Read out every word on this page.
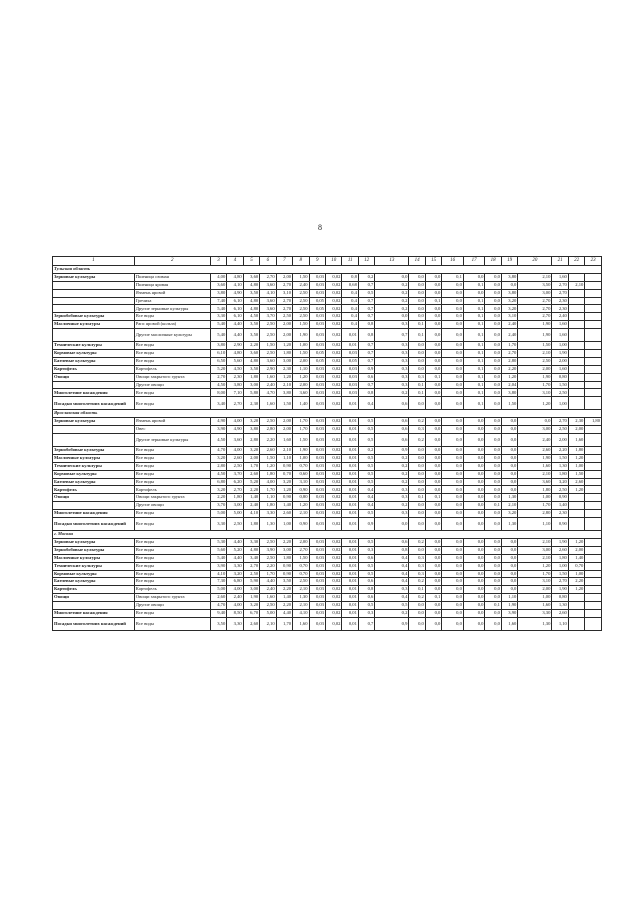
8
1	2	3	4	5	6	7	8	9	10	11	12	13	14	15	16	17	18	19	20	21	22	23
Тульская область																						
Зерновые культуры	Пшеница озимая	4,00	4,80	3,60	2,70	2,00	1,50	0,03	0,02	0,8	0,2	0,0	0,0	0,0	0,1	0,0	0,0	3,80	2,10	1,60		
	Пшеница яровая	3,60	4,10	4,80	3,60	2,70	2,40	0,03	0,02	0,68	0,7	0,2	0,0	0,0	0,0	0,1	0,0	0,0	3,50	2,70	2,10	
	Ячмень яровой	3,80	4,90	3,50	4,10	3,10	2,50	0,03	0,02	0,4	0,5	0,2	0,0	0,0	0,0	0,0	0,0	3,80	3,00	2,70		
	Гречиха	7,40	6,10	4,80	3,60	2,70	2,50	0,05	0,02	0,4	0,7	0,2	0,0	0,1	0,0	0,1	0,0	3,20	2,70	2,30		
	Другие зерновые культуры	5,40	6,10	4,80	3,60	2,70	2,50	0,05	0,02	0,4	0,7	0,2	0,0	0,0	0,0	0,1	0,0	3,20	2,70	2,30		
Зернобобовые культуры	Все виды	3,30	6,10	4,50	3,70	2,50	2,50	0,03	0,02	0,4	0,7	0,0	0,0	0,0	0,0	0,1	0,0	3,10	2,70	2,40		
Масличные культуры	Рапс яровой (кольза)	5,40	4,40	3,50	2,50	2,00	1,50	0,03	0,02	0,4	0,8	0,3	0,1	0,0	0,0	0,1	0,0	2,40	1,90	1,60		
	Другие масличные культуры	5,40	4,40	3,50	2,50	2,00	1,90	0,03	0,02	0,01	0,8	0,7	0,1	0,0	0,0	0,1	0,0	2,40	1,90	1,60		
Технические культуры	Все виды	3,80	2,90	2,20	1,50	1,20	1,00	0,03	0,02	0,01	0,7	0,3	0,0	0,0	0,0	0,1	0,0	1,70	1,50	1,00		
Кормовые культуры	Все виды	6,10	4,80	3,60	2,50	1,80	1,50	0,05	0,02	0,03	0,7	0,3	0,0	0,0	0,0	0,1	0,0	2,70	2,10	1,90		
Бахчевые культуры	Все виды	6,50	5,60	4,80	3,60	3,00	2,00	0,05	0,02	0,05	0,7	0,3	0,0	0,0	0,0	0,1	0,0	2,80	2,50	2,00		
Картофель	Картофель	5,20	4,50	3,50	2,90	2,30	1,10	0,03	0,02	0,03	0,9	0,3	0,0	0,0	0,0	0,1	0,0	2,20	2,00	1,60		
Овощи	Овощи закрытого грунта	2,70	2,30	1,80	1,60	1,20	1,20	0,03	0,02	0,03	0,6	0,3	0,3	0,1	0,0	0,1	0,0	1,20	1,90	0,80		
	Другие овощи	4,50	3,80	3,00	2,40	2,10	2,00	0,03	0,02	0,03	0,7	0,3	0,1	0,0	0,0	0,1	0,0	2,04	1,70	1,50		
Многолетние насаждения	Все виды	8,00	7,10	5,80	4,70	3,80	3,60	0,03	0,02	0,03	0,8	0,2	0,1	0,0	0,0	0,1	0,0	3,80	3,10	2,50		
Посадки многолетних насаждений	Все виды	3,40	2,70	2,30	1,60	1,50	1,40	0,03	0,02	0,01	0,4	0,6	0,0	0,0	0,0	0,1	0,0	1,50	1,20	1,00		
Ярославская область																						
Зерновые культуры	Ячмень яровой	4,90	4,00	3,20	2,50	2,00	1,70	0,03	0,02	0,01	0,5	0,6	0,2	0,0	0,0	0,0	0,0	0,0	0,0	2,70	2,30	1,80
	Овес	3,90	4,90	3,80	2,80	2,00	1,70	0,03	0,02	0,01	0,5	0,6	0,3	0,0	0,0	0,0	0,0	0,0	3,00	2,50	2,00	
	Другие зерновые культуры	4,50	3,60	2,80	2,20	1,60	1,50	0,03	0,02	0,01	0,5	0,6	0,2	0,0	0,0	0,0	0,0	0,0	2,40	2,00	1,60	
Зернобобовые культуры	Все виды	4,70	4,00	3,20	2,60	2,10	1,90	0,03	0,02	0,01	0,2	0,9	0,0	0,0	0,0	0,0	0,0	0,0	2,60	2,20	1,80	
Масличные культуры	Все виды	3,20	2,60	2,00	1,50	1,10	1,00	0,03	0,02	0,01	0,5	0,2	0,0	0,0	0,0	0,0	0,0	0,0	1,90	1,50	1,20	
Технические культуры	Все виды	2,80	2,50	1,70	1,20	0,90	0,70	0,03	0,02	0,01	0,5	0,2	0,0	0,0	0,0	0,0	0,0	0,0	1,60	1,30	1,00	
Кормовые культуры	Все виды	4,50	3,70	2,60	1,80	0,70	0,60	0,03	0,02	0,01	0,5	0,2	0,0	0,0	0,0	0,0	0,0	0,0	2,10	1,80	1,50	
Бахчевые культуры	Все виды	6,80	6,20	5,20	4,00	3,20	3,10	0,03	0,02	0,01	0,5	0,2	0,0	0,0	0,0	0,0	0,0	0,0	3,60	3,20	2,60	
Картофель	Картофель	3,20	2,70	2,20	1,70	1,20	0,90	0,03	0,02	0,01	0,4	0,3	0,0	0,0	0,0	0,0	0,0	0,0	1,80	2,50	1,20	
Овощи	Овощи закрытого грунта	2,20	1,80	1,40	1,10	0,90	0,80	0,03	0,02	0,01	0,4	0,3	0,1	0,1	0,0	0,0	0,0	1,30	1,00	0,90		
	Другие овощи	3,70	3,00	2,40	1,80	1,40	1,20	0,03	0,02	0,01	0,4	0,2	0,0	0,0	0,0	0,0	0,1	2,10	1,70	1,40		
Многолетние насаждения	Все виды	5,00	5,00	4,10	3,30	2,60	2,10	0,03	0,02	0,01	0,5	0,3	0,0	0,0	0,0	0,0	0,0	3,20	2,80	2,30		
Посадки многолетних насаждений	Все виды	3,30	2,50	1,80	1,30	1,00	0,90	0,03	0,02	0,01	0,9	0,0	0,0	0,0	0,0	0,0	0,0	1,30	1,10	0,90		
г. Москва																						
Зерновые культуры	Все виды	5,30	4,40	3,30	2,50	2,20	2,00	0,03	0,02	0,01	0,5	0,6	0,2	0,0	0,0	0,0	0,0	0,0	2,10	1,90	1,20	
Зернобобовые культуры	Все виды	5,60	5,20	4,80	3,90	3,00	2,70	0,03	0,02	0,01	0,3	0,8	0,0	0,0	0,0	0,0	0,0	0,0	3,00	2,60	2,00	
Масличные культуры	Все виды	5,40	4,40	3,40	2,50	1,80	1,50	0,03	0,02	0,01	0,6	0,4	0,3	0,0	0,0	0,0	0,0	0,0	2,10	1,80	1,40	
Технические культуры	Все виды	3,90	3,30	2,70	2,20	0,90	0,70	0,03	0,02	0,01	0,5	0,4	0,3	0,0	0,0	0,0	0,0	0,0	1,20	1,00	0,70	
Кормовые культуры	Все виды	4,10	3,20	2,50	1,70	0,90	0,70	0,03	0,02	0,01	0,5	0,4	0,3	0,0	0,0	0,0	0,0	0,0	1,70	1,50	1,00	
Бахчевые культуры	Все виды	7,30	6,80	5,90	4,40	3,50	2,50	0,03	0,02	0,01	0,6	0,4	0,2	0,0	0,0	0,0	0,0	0,0	3,10	2,70	2,20	
Картофель	Картофель	5,00	4,00	3,00	2,40	2,20	2,10	0,03	0,02	0,01	0,8	0,3	0,1	0,0	0,0	0,0	0,0	0,0	2,00	1,90	1,20	
Овощи	Овощи закрытого грунта	2,60	2,40	1,90	1,60	1,40	1,30	0,03	0,02	0,01	0,6	0,4	0,2	0,1	0,0	0,0	0,0	1,10	1,00	0,80		
	Другие овощи	4,70	4,00	3,20	2,50	2,20	2,10	0,03	0,02	0,01	0,5	0,5	0,0	0,0	0,0	0,0	0,1	1,90	1,60	1,30		
Многолетние насаждения	Все виды	9,40	8,50	6,70	5,00	4,40	4,10	0,03	0,02	0,01	0,3	0,2	0,0	0,0	0,0	0,0	0,0	3,90	3,30	2,60		
Посадки многолетних насаждений	Все виды	3,50	3,30	2,60	2,10	1,70	1,60	0,03	0,02	0,01	0,7	0,9	0,0	0,0	0,0	0,0	0,0	1,60	1,30	1,10		
